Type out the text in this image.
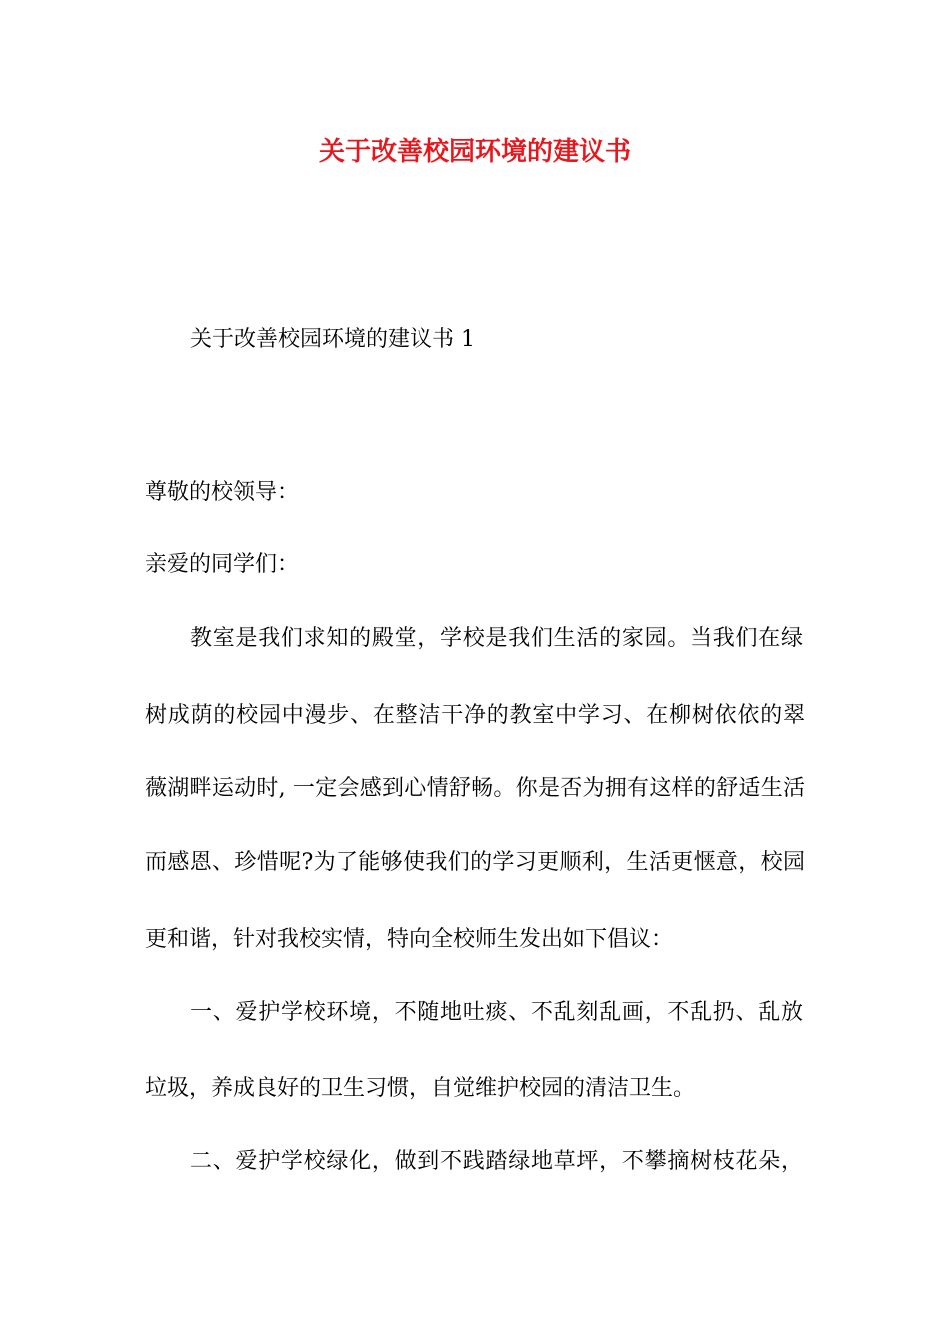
关于改善校园环境的建议书
关于改善校园环境的建议书 1
尊敬的校领导：
亲爱的同学们：
教室是我们求知的殿堂，学校是我们生活的家园。当我们在绿
树成荫的校园中漫步、在整洁干净的教室中学习、在柳树依依的翠
薇湖畔运动时, 一定会感到心情舒畅。你是否为拥有这样的舒适生活
而感恩、珍惜呢?为了能够使我们的学习更顺利，生活更惬意，校园
更和谐，针对我校实情，特向全校师生发出如下倡议：
一、爱护学校环境，不随地吐痰、不乱刻乱画，不乱扔、乱放
垃圾，养成良好的卫生习惯，自觉维护校园的清洁卫生。
二、爱护学校绿化，做到不践踏绿地草坪，不攀摘树枝花朵，
